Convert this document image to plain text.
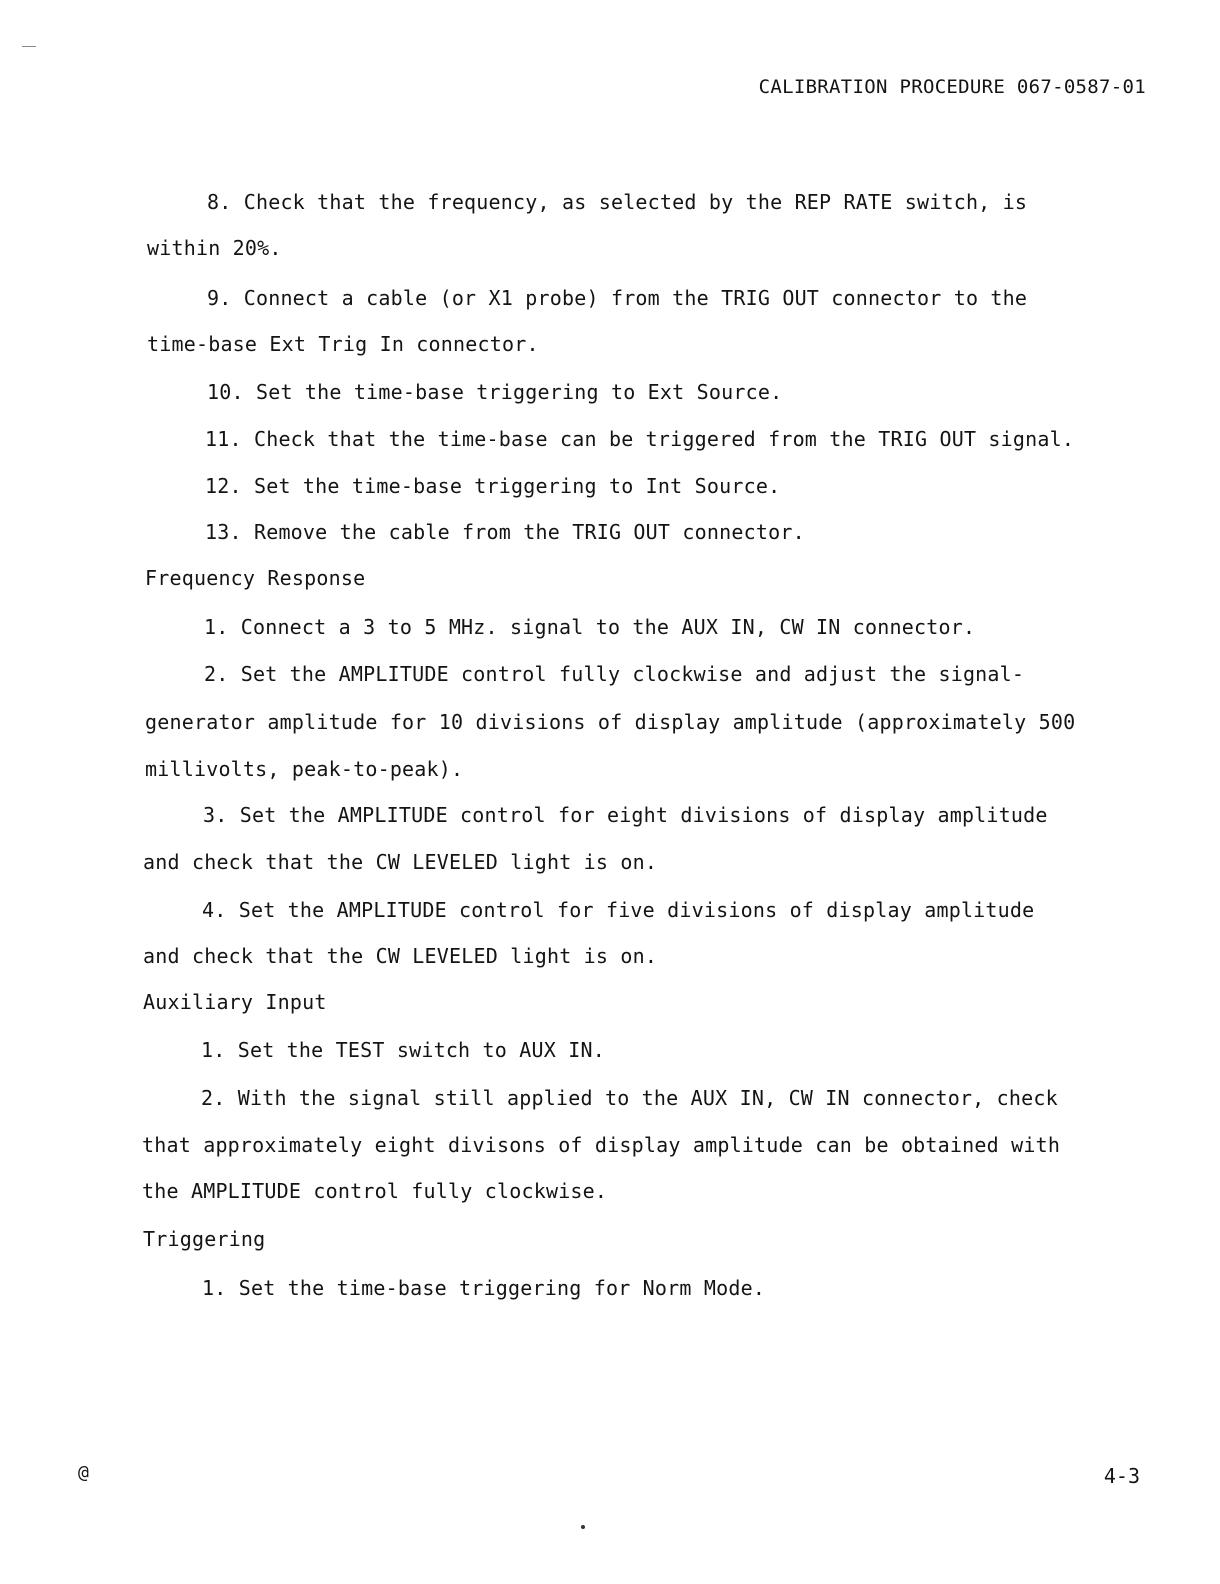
CALIBRATION PROCEDURE 067-0587-01
8. Check that the frequency, as selected by the REP RATE switch, is
within 20%.
9. Connect a cable (or X1 probe) from the TRIG OUT connector to the
time-base Ext Trig In connector.
10. Set the time-base triggering to Ext Source.
11. Check that the time-base can be triggered from the TRIG OUT signal.
12. Set the time-base triggering to Int Source.
13. Remove the cable from the TRIG OUT connector.
Frequency Response
1. Connect a 3 to 5 MHz. signal to the AUX IN, CW IN connector.
2. Set the AMPLITUDE control fully clockwise and adjust the signal-
generator amplitude for 10 divisions of display amplitude (approximately 500
millivolts, peak-to-peak).
3. Set the AMPLITUDE control for eight divisions of display amplitude
and check that the CW LEVELED light is on.
4. Set the AMPLITUDE control for five divisions of display amplitude
and check that the CW LEVELED light is on.
Auxiliary Input
1. Set the TEST switch to AUX IN.
2. With the signal still applied to the AUX IN, CW IN connector, check
that approximately eight divisons of display amplitude can be obtained with
the AMPLITUDE control fully clockwise.
Triggering
1. Set the time-base triggering for Norm Mode.
@	4-3
